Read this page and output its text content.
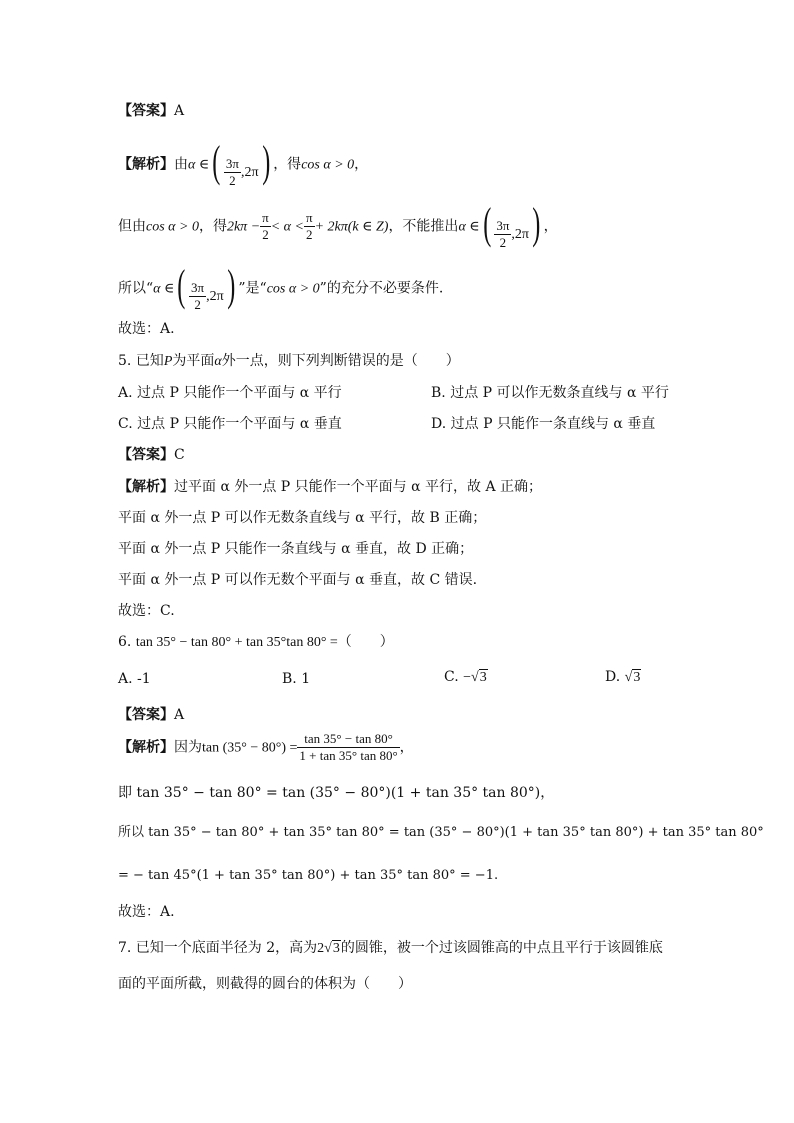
【答案】A
【解析】由α ∈( $\frac{3\pi}{2} ,2\pi$) ，得cos α > 0，
但由cos α > 0，得$2k\pi - \frac{\pi}{2} < \alpha < \frac{\pi}{2} + 2k\pi(k$ ∈ Z)，不能推出α ∈( $\frac{3\pi}{2} ,2\pi$) ，
所以“α ∈( $\frac{3\pi}{2} ,2\pi$) ”是“cos α > 0”的充分不必要条件.
故选：A.
5. 已知P为平面α外一点，则下列判断错误的是（　　）
A. 过点 P 只能作一个平面与 α 平行	B. 过点 P 可以作无数条直线与 α 平行
C. 过点 P 只能作一个平面与 α 垂直	D. 过点 P 只能作一条直线与 α 垂直
【答案】C
【解析】过平面 α 外一点 P 只能作一个平面与 α 平行，故 A 正确；
平面 α 外一点 P 可以作无数条直线与 α 平行，故 B 正确；
平面 α 外一点 P 只能作一条直线与 α 垂直，故 D 正确；
平面 α 外一点 P 可以作无数个平面与 α 垂直，故 C 错误.
故选：C.
6. tan 35° − tan 80° + tan 35°tan 80° =（　　）
A. -1	B. 1	C. −√3	D. √3
【答案】A
【解析】因为$\tan (35^\circ - 80^\circ) = \frac{\tan 35^\circ - \tan 80^\circ}{1 + \tan 35^\circ \tan 80^\circ}$ ，
即 tan 35° − tan 80° = tan (35° − 80°)(1 + tan 35° tan 80°)，
所以 tan 35° − tan 80° + tan 35° tan 80° = tan (35° − 80°)(1 + tan 35° tan 80°) + tan 35° tan 80°
= − tan 45°(1 + tan 35° tan 80°) + tan 35° tan 80° = −1.
故选：A.
7. 已知一个底面半径为 2，高为2√3的圆锥，被一个过该圆锥高的中点且平行于该圆锥底
面的平面所截，则截得的圆台的体积为（　　）
